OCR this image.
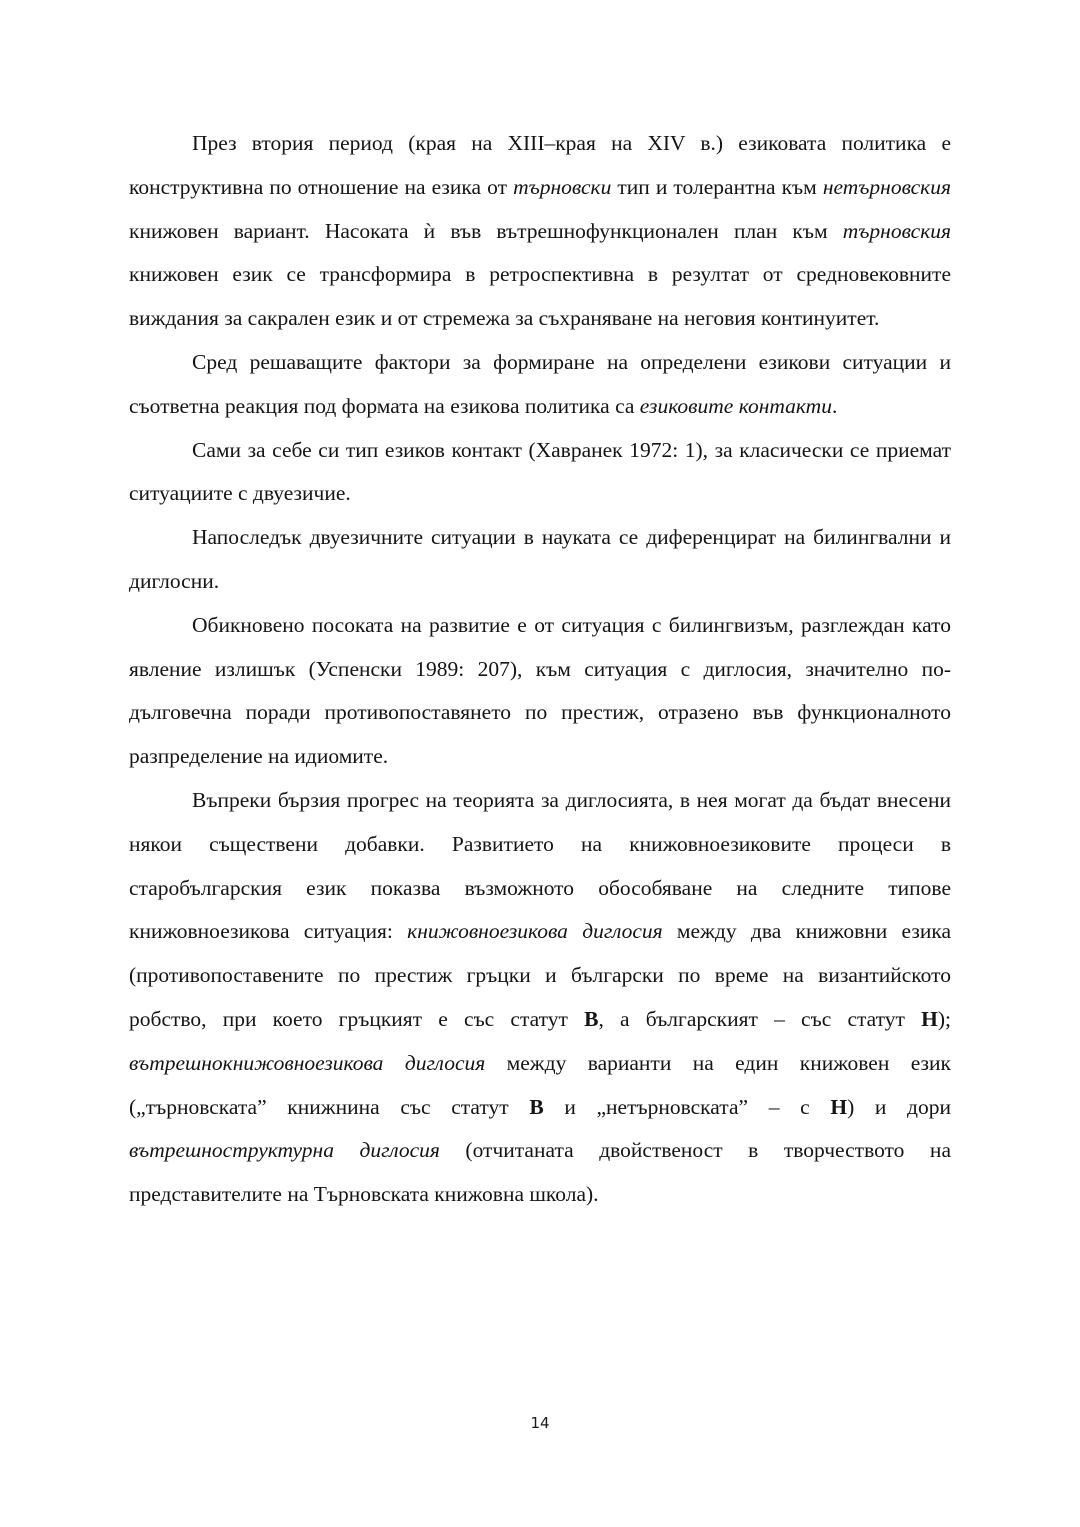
През втория период (края на XIII–края на XIV в.) езиковата политика е конструктивна по отношение на езика от търновски тип и толерантна към нетърновския книжовен вариант. Насоката ѝ във вътрешнофункционален план към търновския книжовен език се трансформира в ретроспективна в резултат от средновековните виждания за сакрален език и от стремежа за съхраняване на неговия континуитет.

Сред решаващите фактори за формиране на определени езикови ситуации и съответна реакция под формата на езикова политика са езиковите контакти.

Сами за себе си тип езиков контакт (Хавранек 1972: 1), за класически се приемат ситуациите с двуезичие.

Напоследък двуезичните ситуации в науката се диференцират на билингвални и диглосни.

Обикновено посоката на развитие е от ситуация с билингвизъм, разглеждан като явление излишък (Успенски 1989: 207), към ситуация с диглосия, значително по-дълговечна поради противопоставянето по престиж, отразено във функционалното разпределение на идиомите.

Въпреки бързия прогрес на теорията за диглосията, в нея могат да бъдат внесени някои съществени добавки. Развитието на книжовноезиковите процеси в старобългарския език показва възможното обособяване на следните типове книжовноезикова ситуация: книжовноезикова диглосия между два книжовни езика (противопоставените по престиж гръцки и български по време на византийското робство, при което гръцкият е със статут B, а българският – със статут H); вътрешнокнижовноезикова диглосия между варианти на един книжовен език („търновската” книжнина със статут B и „нетърновската” – с H) и дори вътрешноструктурна диглосия (отчитаната двойственост в творчеството на представителите на Търновската книжовна школа).

14
